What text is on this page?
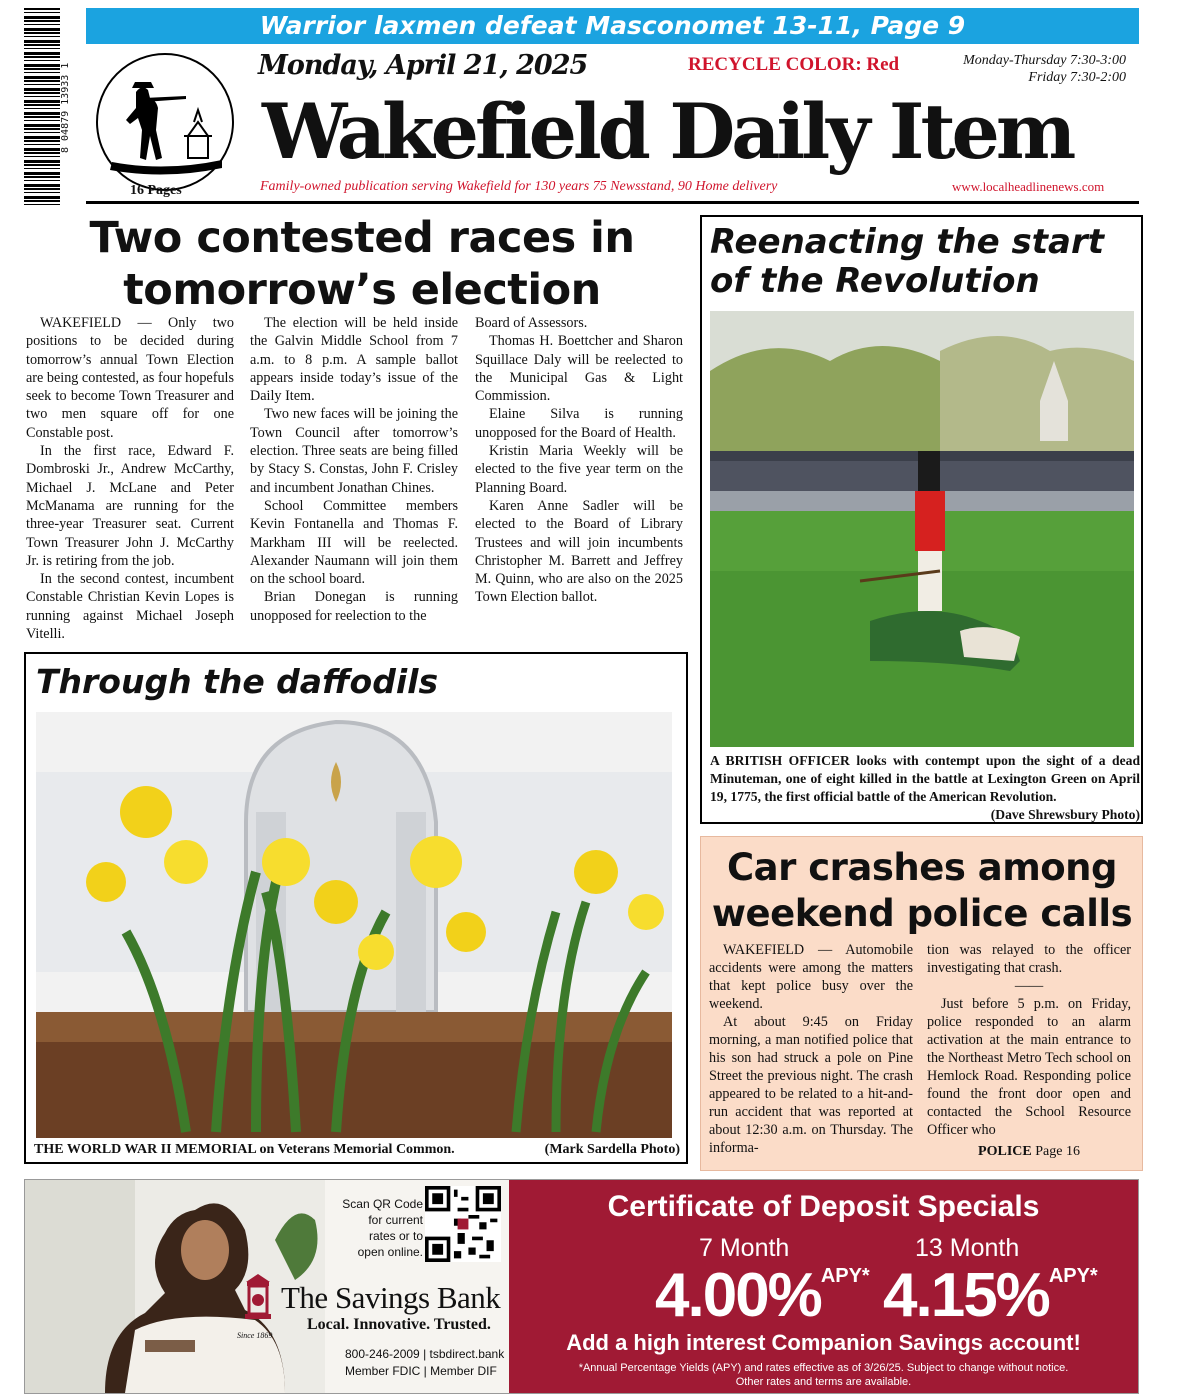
Warrior laxmen defeat Masconomet 13-11, Page 9
8 04879 13933 1
16 Pages
Monday, April 21, 2025	RECYCLE COLOR: Red	Monday-Thursday 7:30-3:00
Friday 7:30-2:00
Wakefield Daily Item
Family-owned publication serving Wakefield for 130 years 75 Newsstand, 90 Home delivery	www.localheadlinenews.com
Two contested races in tomorrow’s election

WAKEFIELD — Only two positions to be decided during tomorrow’s annual Town Election are being contested, as four hopefuls seek to become Town Treasurer and two men square off for one Constable post.

In the first race, Edward F. Dombroski Jr., Andrew McCarthy, Michael J. McLane and Peter McManama are running for the three-year Treasurer seat. Current Town Treasurer John J. McCarthy Jr. is retiring from the job.

In the second contest, incumbent Constable Christian Kevin Lopes is running against Michael Joseph Vitelli.

The election will be held inside the Galvin Middle School from 7 a.m. to 8 p.m. A sample ballot appears inside today’s issue of the Daily Item.

Two new faces will be joining the Town Council after tomorrow’s election. Three seats are being filled by Stacy S. Constas, John F. Crisley and incumbent Jonathan Chines.

School Committee members Kevin Fontanella and Thomas F. Markham III will be reelected. Alexander Naumann will join them on the school board.

Brian Donegan is running unopposed for reelection to the

Board of Assessors.

Thomas H. Boettcher and Sharon Squillace Daly will be reelected to the Municipal Gas & Light Commission.

Elaine Silva is running unopposed for the Board of Health.

Kristin Maria Weekly will be elected to the five year term on the Planning Board.

Karen Anne Sadler will be elected to the Board of Library Trustees and will join incumbents Christopher M. Barrett and Jeffrey M. Quinn, who are also on the 2025 Town Election ballot.

Reenacting the start of the Revolution
A BRITISH OFFICER looks with contempt upon the sight of a dead Minuteman, one of eight killed in the battle at Lexington Green on April 19, 1775, the first official battle of the American Revolution.
(Dave Shrewsbury Photo)
Through the daffodils
THE WORLD WAR II MEMORIAL on Veterans Memorial Common.	(Mark Sardella Photo)
Car crashes among weekend police calls

WAKEFIELD — Automobile accidents were among the matters that kept police busy over the weekend.

At about 9:45 on Friday morning, a man notified police that his son had struck a pole on Pine Street the previous night. The crash appeared to be related to a hit-and-run accident that was reported at about 12:30 a.m. on Thursday. The informa-

tion was relayed to the officer investigating that crash.
——

Just before 5 p.m. on Friday, police responded to an alarm activation at the main entrance to the Northeast Metro Tech school on Hemlock Road. Responding police found the front door open and contacted the School Resource Officer who

POLICE Page 16
Scan QR Code for current rates or to open online.
Since 1869
The Savings Bank
Local. Innovative. Trusted.
800-246-2009 | tsbdirect.bank
Member FDIC | Member DIF
Certificate of Deposit Specials
7 Month	13 Month
4.00%$^{APY*}$ 4.15%$^{APY*}$
Add a high interest Companion Savings account!
*Annual Percentage Yields (APY) and rates effective as of 3/26/25. Subject to change without notice.
Other rates and terms are available.
